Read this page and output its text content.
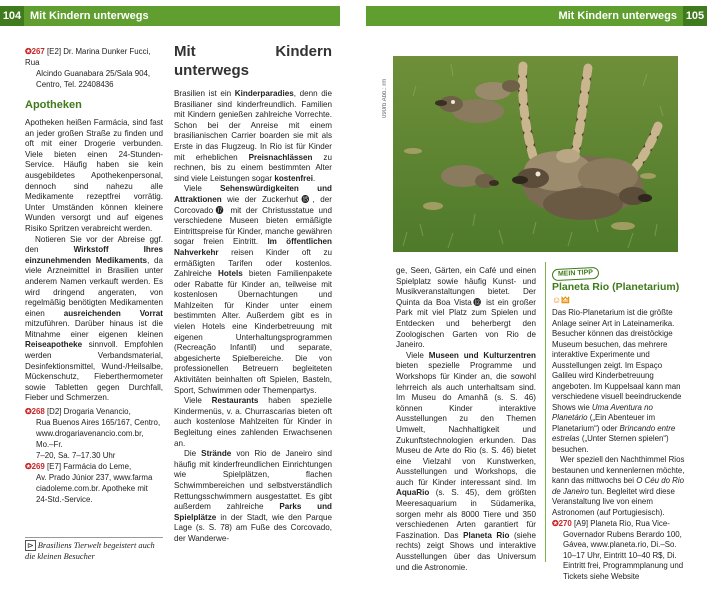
104 Mit Kindern unterwegs	Mit Kindern unterwegs 105
✪267 [E2] Dr. Marina Dunker Fucci, Rua
Alcindo Guanabara 25/Sala 904,
Centro, Tel. 22408436
Apotheken

Apotheken heißen Farmácia, sind fast an jeder großen Straße zu finden und oft mit einer Drogerie verbunden. Viele bieten einen 24-Stunden-Service. Häufig haben sie kein ausgebildetes Apothekenpersonal, dennoch sind nahezu alle Medikamente rezeptfrei vorrätig. Unter Umständen können kleinere Wunden versorgt und auf eigenes Risiko Spritzen verabreicht werden.

Notieren Sie vor der Abreise ggf. den Wirkstoff Ihres einzunehmenden Medikaments, da viele Arzneimittel in Brasilien unter anderem Namen verkauft werden. Es wird dringend angeraten, von regelmäßig benötigten Medikamenten einen ausreichenden Vorrat mitzuführen. Darüber hinaus ist die Mitnahme einer eigenen kleinen Reiseapotheke sinnvoll. Empfohlen werden Verbandsmaterial, Desinfektionsmittel, Wund-/Heilsalbe, Mückenschutz, Fieberthermometer sowie Tabletten gegen Durchfall, Fieber und Schmerzen.

✪268 [D2] Drogaria Venancio,
Rua Buenos Aires 165/167, Centro,
www.drogariavenancio.com.br, Mo.–Fr.
7–20, Sa. 7–17.30 Uhr
✪269 [E7] Farmácia do Leme,
Av. Prado Júnior 237, www.farma
ciadoleme.com.br. Apotheke mit
24-Std.-Service.
⊳ Brasiliens Tierwelt begeistert auch die kleinen Besucher
Mit Kindern unterwegs

Brasilien ist ein Kinderparadies, denn die Brasilianer sind kinderfreundlich. Familien mit Kindern genießen zahlreiche Vorrechte. Schon bei der Anreise mit einem brasilianischen Carrier boarden sie mit als Erste in das Flugzeug. In Rio ist für Kinder mit erheblichen Preisnachlässen zu rechnen, bis zu einem bestimmten Alter sind viele Leistungen sogar kostenfrei.

Viele Sehenswürdigkeiten und Attraktionen wie der Zuckerhut⓯, der Corcovado⓱ mit der Christusstatue und verschiedene Museen bieten ermäßigte Eintrittspreise für Kinder, manche gewähren sogar freien Eintritt. Im öffentlichen Nahverkehr reisen Kinder oft zu ermäßigten Tarifen oder kostenlos. Zahlreiche Hotels bieten Familienpakete oder Rabatte für Kinder an, teilweise mit kostenlosen Übernachtungen und Mahlzeiten für Kinder unter einem bestimmten Alter. Außerdem gibt es in vielen Hotels eine Kinderbetreuung mit eigenen Unterhaltungsprogrammen (Recreação Infantil) und separate, abgesicherte Spielbereiche. Die von professionellen Betreuern begleiteten Aktivitäten beinhalten oft Spielen, Basteln, Sport, Schwimmen oder Themenpartys.

Viele Restaurants haben spezielle Kindermenüs, v. a. Churrascarias bieten oft auch kostenlose Mahlzeiten für Kinder in Begleitung eines zahlenden Erwachsenen an.

Die Strände von Rio de Janeiro sind häufig mit kinderfreundlichen Einrichtungen wie Spielplätzen, flachen Schwimmbereichen und selbstverständlich Rettungsschwimmern ausgestattet. Es gibt außerdem zahlreiche Parks und Spielplätze in der Stadt, wie den Parque Lage (s. S. 78) am Fuße des Corcovado, der Wanderwe-

090rb Abb.: rm

ge, Seen, Gärten, ein Café und einen Spielplatz sowie häufig Kunst- und Musikveranstaltungen bietet. Der Quinta da Boa Vista⓬ ist ein großer Park mit viel Platz zum Spielen und Entdecken und beherbergt den Zoologischen Garten von Rio de Janeiro.

Viele Museen und Kulturzentren bieten spezielle Programme und Workshops für Kinder an, die sowohl lehrreich als auch unterhaltsam sind. Im Museu do Amanhã (s. S. 46) können Kinder interaktive Ausstellungen zu den Themen Umwelt, Nachhaltigkeit und Zukunftstechnologien erkunden. Das Museu de Arte do Rio (s. S. 46) bietet eine Vielzahl von Kunstwerken, Ausstellungen und Workshops, die auch für Kinder interessant sind. Im AquaRio (s. S. 45), dem größten Meeresaquarium in Südamerika, sorgen mehr als 8000 Tiere und 350 verschiedenen Arten garantiert für Faszination. Das Planeta Rio (siehe rechts) zeigt Shows und interaktive Ausstellungen über das Universum und die Astronomie.

MEIN TIPP
Planeta Rio (Planetarium) ☺🜲

Das Rio-Planetarium ist die größte Anlage seiner Art in Lateinamerika. Besucher können das dreistöckige Museum besuchen, das mehrere interaktive Experimente und Ausstellungen zeigt. Im Espaço Galileu wird Kinderbetreuung angeboten. Im Kuppelsaal kann man verschiedene visuell beeindruckende Shows wie Uma Aventura no Planetário („Ein Abenteuer im Planetarium“) oder Brincando entre estrelas („Unter Sternen spielen“) besuchen.

Wer speziell den Nachthimmel Rios bestaunen und kennenlernen möchte, kann das mittwochs bei O Céu do Rio de Janeiro tun. Begleitet wird diese Veranstaltung live von einem Astronomen (auf Portugiesisch).

✪270 [A9] Planeta Rio, Rua Vice-
Governador Rubens Berardo 100,
Gávea, www.planeta.rio, Di.–So.
10–17 Uhr, Eintritt 10–40 R$, Di.
Eintritt frei, Programmplanung und
Tickets siehe Website
